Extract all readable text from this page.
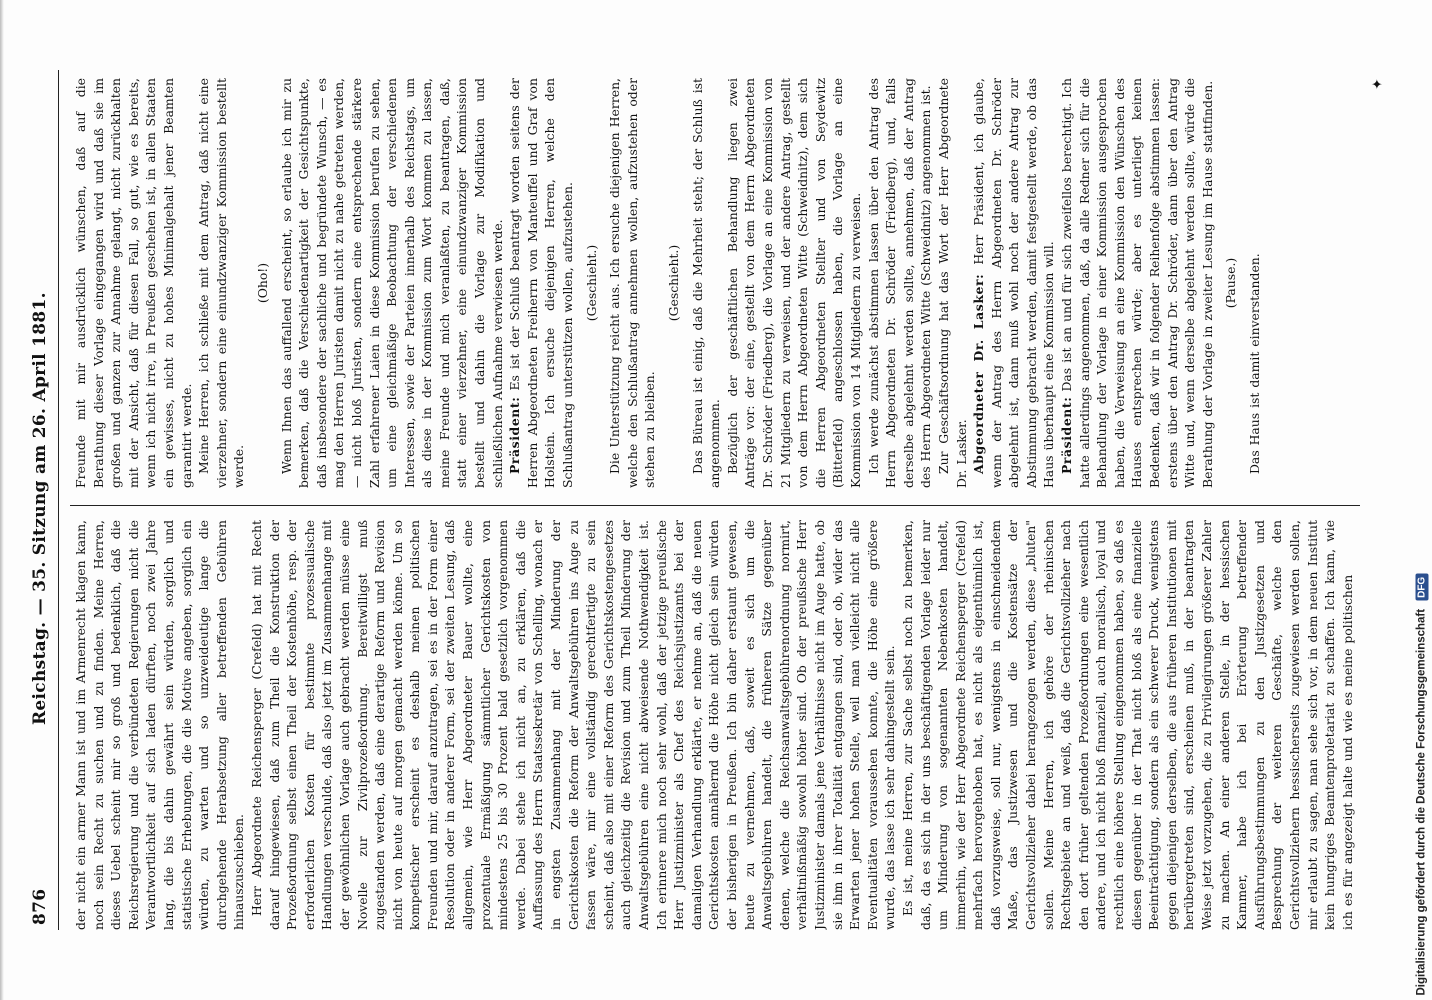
876
Reichstag. — 35. Sitzung am 26. April 1881. der nicht ein armer Mann ist und im Armenrecht klagen kann, noch sein Recht zu suchen und zu finden. Meine Herren, dieses Uebel scheint mir so groß und bedenklich, daß die Reichsregierung und die verbündeten Regierungen nicht die Verantwortlichkeit auf sich laden dürften, noch zwei Jahre lang, die bis dahin gewährt sein würden, sorglich und statistische Erhebungen, die die Motive angeben, sorglich ein würden, zu warten und so unzweideutige lange die durchgehende Herabsetzung aller betreffenden Gebühren hinauszuschieben. Herr Abgeordnete Reichensperger (Crefeld) hat mit Recht darauf hingewiesen, daß zum Theil die Konstruktion der Prozeßordnung selbst einen Theil der Kostenhöhe, resp. der erforderlichen Kosten für bestimmte prozessualische Handlungen verschulde, daß also jetzt im Zusammenhange mit der gewöhnlichen Vorlage auch gebracht werden müsse eine Novelle zur Zivilprozeßordnung. Bereitwilligst muß zugestanden werden, daß eine derartige Reform und Revision nicht von heute auf morgen gemacht werden könne. Um so kompetischer erscheint es deshalb meinen politischen Freunden und mir, darauf anzutragen, sei es in der Form einer Resolution oder in anderer Form, sei der zweiten Lesung, daß allgemein, wie Herr Abgeordneter Bauer wollte, eine prozentuale Ermäßigung sämmtlicher Gerichtskosten von mindestens 25 bis 30 Prozent bald gesetzlich vorgenommen werde. Dabei stehe ich nicht an, zu erklären, daß die Auffassung des Herrn Staatssekretär von Schelling, wonach er in engsten Zusammenhang mit der Minderung der Gerichtskosten die Reform der Anwaltsgebühren ins Auge zu fassen wäre, mir eine vollständig gerechtfertigte zu sein scheint, daß also mit einer Reform des Gerichtskostengesetzes auch gleichzeitig die Revision und zum Theil Minderung der Anwaltsgebühren eine nicht abweisende Nothwendigkeit ist. Ich erinnere mich noch sehr wohl, daß der jetzige preußische Herr Justizminister als Chef des Reichsjustizamts bei der damaligen Verhandlung erklärte, er nehme an, daß die neuen Gerichtskosten annähernd die Höhe nicht gleich sein würden der bisherigen in Preußen. Ich bin daher erstaunt gewesen, heute zu vernehmen, daß, soweit es sich um die Anwaltsgebühren handelt, die früheren Sätze gegenüber denen, welche die Reichsanwaltsgebührenordnung normirt, verhältnißmäßig sowohl höher sind. Ob der preußische Herr Justizminister damals jene Verhältnisse nicht im Auge hatte, ob sie ihm in ihrer Totalität entgangen sind, oder ob, wider das Erwarten jener hohen Stelle, weil man vielleicht nicht alle Eventualitäten voraussehen konnte, die Höhe eine größere wurde, das lasse ich sehr dahingestellt sein. Es ist, meine Herren, zur Sache selbst noch zu bemerken, daß, da es sich in der uns beschäftigenden Vorlage leider nur um Minderung von sogenannten Nebenkosten handelt, immerhin, wie der Herr Abgeordnete Reichensperger (Crefeld) mehrfach hervorgehoben hat, es nicht als eigenthümlich ist, daß vorzugsweise, soll nur, wenigstens in einschneidendem Maße, das Justizwesen und die Kostensätze der Gerichtsvollzieher dabei herangezogen werden, diese „bluten" sollen. Meine Herren, ich gehöre der rheinischen Rechtsgebiete an und weiß, daß die Gerichtsvollzieher nach den dort früher geltenden Prozeßordnungen eine wesentlich andere, und ich nicht bloß finanziell, auch moralisch, loyal und rechtlich eine höhere Stellung eingenommen haben, so daß es diesen gegenüber in der That nicht bloß als eine finanzielle Beeinträchtigung, sondern als ein schwerer Druck, wenigstens gegen diejenigen derselben, die aus früheren Institutionen mit herübergetreten sind, erscheinen muß, in der beantragten Weise jetzt vorzugehen, die zu Privilegirungen größerer Zahler zu machen. An einer anderen Stelle, in der hessischen Kammer, habe ich bei Erörterung betreffender Ausführungsbestimmungen zu den Justizgesetzen und Besprechung der weiteren Geschäfte, welche den Gerichtsvollziehern hessischerseits zugewiesen werden sollen, mir erlaubt zu sagen, man sehe sich vor, in dem neuen Institut kein hungriges Beamtenproletariat zu schaffen. Ich kann, wie ich es für angezeigt halte und wie es meine politischen

Freunde mit mir ausdrücklich wünschen, daß auf die Berathung dieser Vorlage eingegangen wird und daß sie im großen und ganzen zur Annahme gelangt, nicht zurückhalten mit der Ansicht, daß für diesen Fall, so gut, wie es bereits, wenn ich nicht irre, in Preußen geschehen ist, in allen Staaten ein gewisses, nicht zu hohes Minimalgehalt jener Beamten garantirt werde. Meine Herren, ich schließe mit dem Antrag, daß nicht eine vierzehner, sondern eine einundzwanziger Kommission bestellt werde.

(Oho!) Wenn Ihnen das auffallend erscheint, so erlaube ich mir zu bemerken, daß die Verschiedenartigkeit der Gesichtspunkte, daß insbesondere der sachliche und begründete Wunsch, — es mag den Herren Juristen damit nicht zu nahe getreten werden, — nicht bloß Juristen, sondern eine entsprechende stärkere Zahl erfahrener Laien in diese Kommission berufen zu sehen, um eine gleichmäßige Beobachtung der verschiedenen Interessen, sowie der Parteien innerhalb des Reichstags, um als diese in der Kommission zum Wort kommen zu lassen, meine Freunde und mich veranlaßten, zu beantragen, daß, statt einer vierzehner, eine einundzwanziger Kommission bestellt und dahin die Vorlage zur Modifikation und schließlichen Aufnahme verwiesen werde. Präsident: Es ist der Schluß beantragt worden seitens der Herren Abgeordneten Freiherrn von Manteuffel und Graf von Holstein. Ich ersuche diejenigen Herren, welche den Schlußantrag unterstützen wollen, aufzustehen. (Geschieht.) Die Unterstützung reicht aus. Ich ersuche diejenigen Herren, welche den Schlußantrag annehmen wollen, aufzustehen oder stehen zu bleiben.

(Geschieht.) Das Büreau ist einig, daß die Mehrheit steht; der Schluß ist angenommen. Bezüglich der geschäftlichen Behandlung liegen zwei Anträge vor: der eine, gestellt von dem Herrn Abgeordneten Dr. Schröder (Friedberg), die Vorlage an eine Kommission von 21 Mitgliedern zu verweisen, und der andere Antrag, gestellt von dem Herrn Abgeordneten Witte (Schweidnitz), dem sich die Herren Abgeordneten Stellter und von Seydewitz (Bitterfeld) angeschlossen haben, die Vorlage an eine Kommission von 14 Mitgliedern zu verweisen. Ich werde zunächst abstimmen lassen über den Antrag des Herrn Abgeordneten Dr. Schröder (Friedberg), und, falls derselbe abgelehnt werden sollte, annehmen, daß der Antrag des Herrn Abgeordneten Witte (Schweidnitz) angenommen ist. Zur Geschäftsordnung hat das Wort der Herr Abgeordnete Dr. Lasker. Abgeordneter Dr. Lasker: Herr Präsident, ich glaube, wenn der Antrag des Herrn Abgeordneten Dr. Schröder abgelehnt ist, dann muß wohl noch der andere Antrag zur Abstimmung gebracht werden, damit festgestellt werde, ob das Haus überhaupt eine Kommission will. Präsident: Das ist an und für sich zweifellos berechtigt. Ich hatte allerdings angenommen, daß, da alle Redner sich für die Behandlung der Vorlage in einer Kommission ausgesprochen haben, die Verweisung an eine Kommission den Wünschen des Hauses entsprechen würde; aber es unterliegt keinen Bedenken, daß wir in folgender Reihenfolge abstimmen lassen: erstens über den Antrag Dr. Schröder, dann über den Antrag Witte und, wenn derselbe abgelehnt werden sollte, würde die Berathung der Vorlage in zweiter Lesung im Hause stattfinden. (Pause.) Das Haus ist damit einverstanden.

✦
Digitalisierung gefördert durch die Deutsche Forschungsgemeinschaft
DFG
